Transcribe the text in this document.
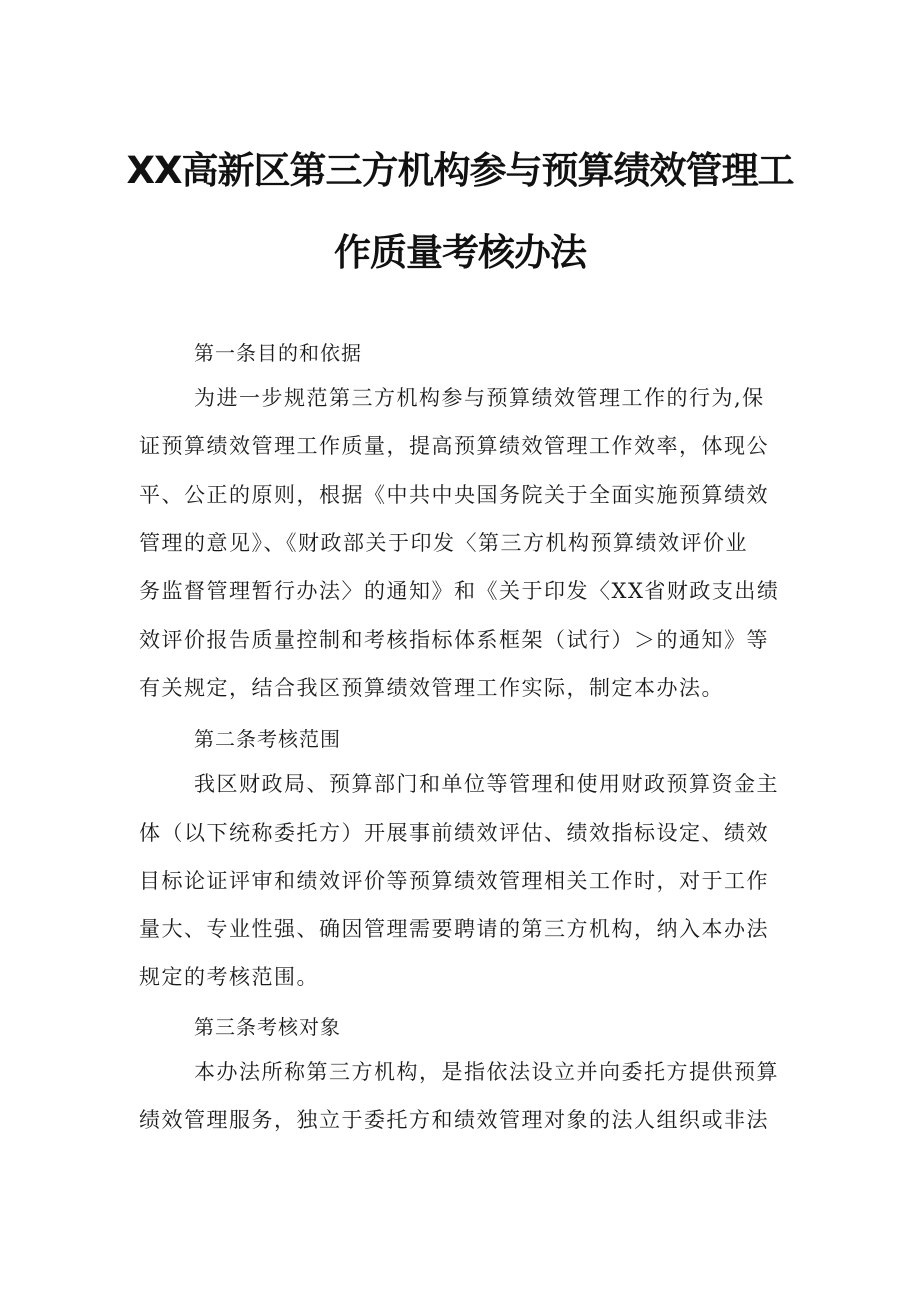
XX高新区第三方机构参与预算绩效管理工
作质量考核办法

第一条目的和依据

为进一步规范第三方机构参与预算绩效管理工作的行为,保

证预算绩效管理工作质量，提高预算绩效管理工作效率，体现公

平、公正的原则，根据《中共中央国务院关于全面实施预算绩效

管理的意见》、《财政部关于印发〈第三方机构预算绩效评价业

务监督管理暂行办法〉的通知》和《关于印发〈XX省财政支出绩

效评价报告质量控制和考核指标体系框架（试行）＞的通知》等

有关规定，结合我区预算绩效管理工作实际，制定本办法。

第二条考核范围

我区财政局、预算部门和单位等管理和使用财政预算资金主

体（以下统称委托方）开展事前绩效评估、绩效指标设定、绩效

目标论证评审和绩效评价等预算绩效管理相关工作时，对于工作

量大、专业性强、确因管理需要聘请的第三方机构，纳入本办法

规定的考核范围。

第三条考核对象

本办法所称第三方机构，是指依法设立并向委托方提供预算

绩效管理服务，独立于委托方和绩效管理对象的法人组织或非法
